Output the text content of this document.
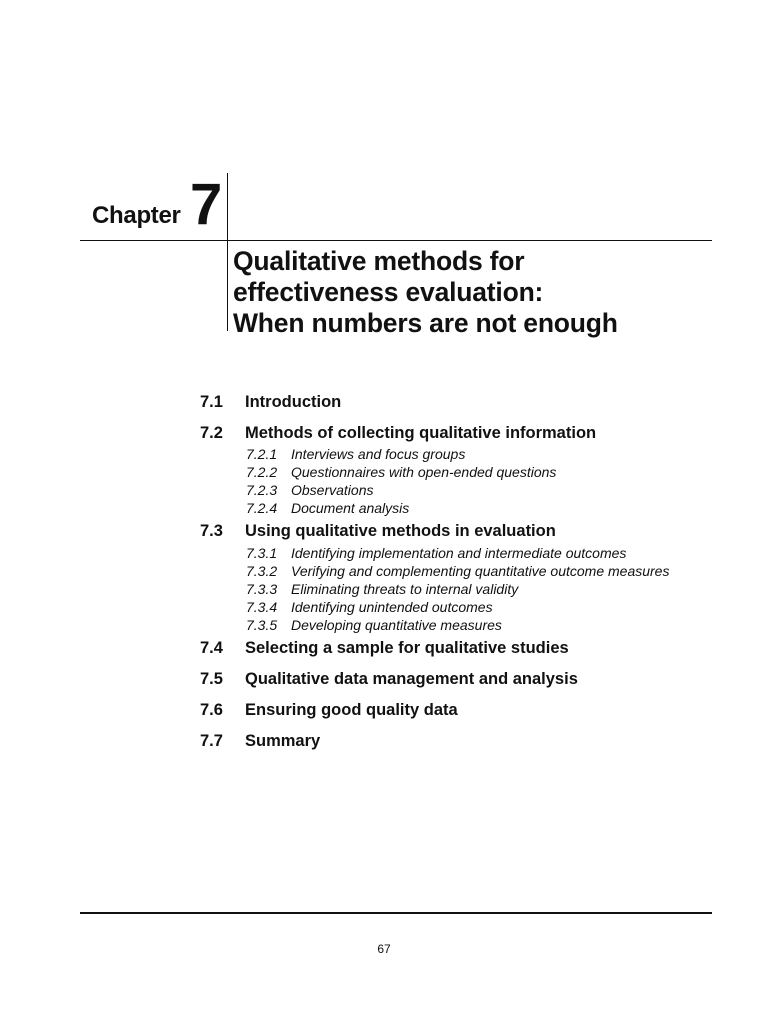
Chapter 7
Qualitative methods for
effectiveness evaluation:
When numbers are not enough
7.1	Introduction
7.2	Methods of collecting qualitative information
7.2.1 Interviews and focus groups
7.2.2 Questionnaires with open-ended questions
7.2.3 Observations
7.2.4 Document analysis
7.3	Using qualitative methods in evaluation
7.3.1 Identifying implementation and intermediate outcomes
7.3.2 Verifying and complementing quantitative outcome measures
7.3.3 Eliminating threats to internal validity
7.3.4 Identifying unintended outcomes
7.3.5 Developing quantitative measures
7.4	Selecting a sample for qualitative studies
7.5	Qualitative data management and analysis
7.6	Ensuring good quality data
7.7	Summary
67
